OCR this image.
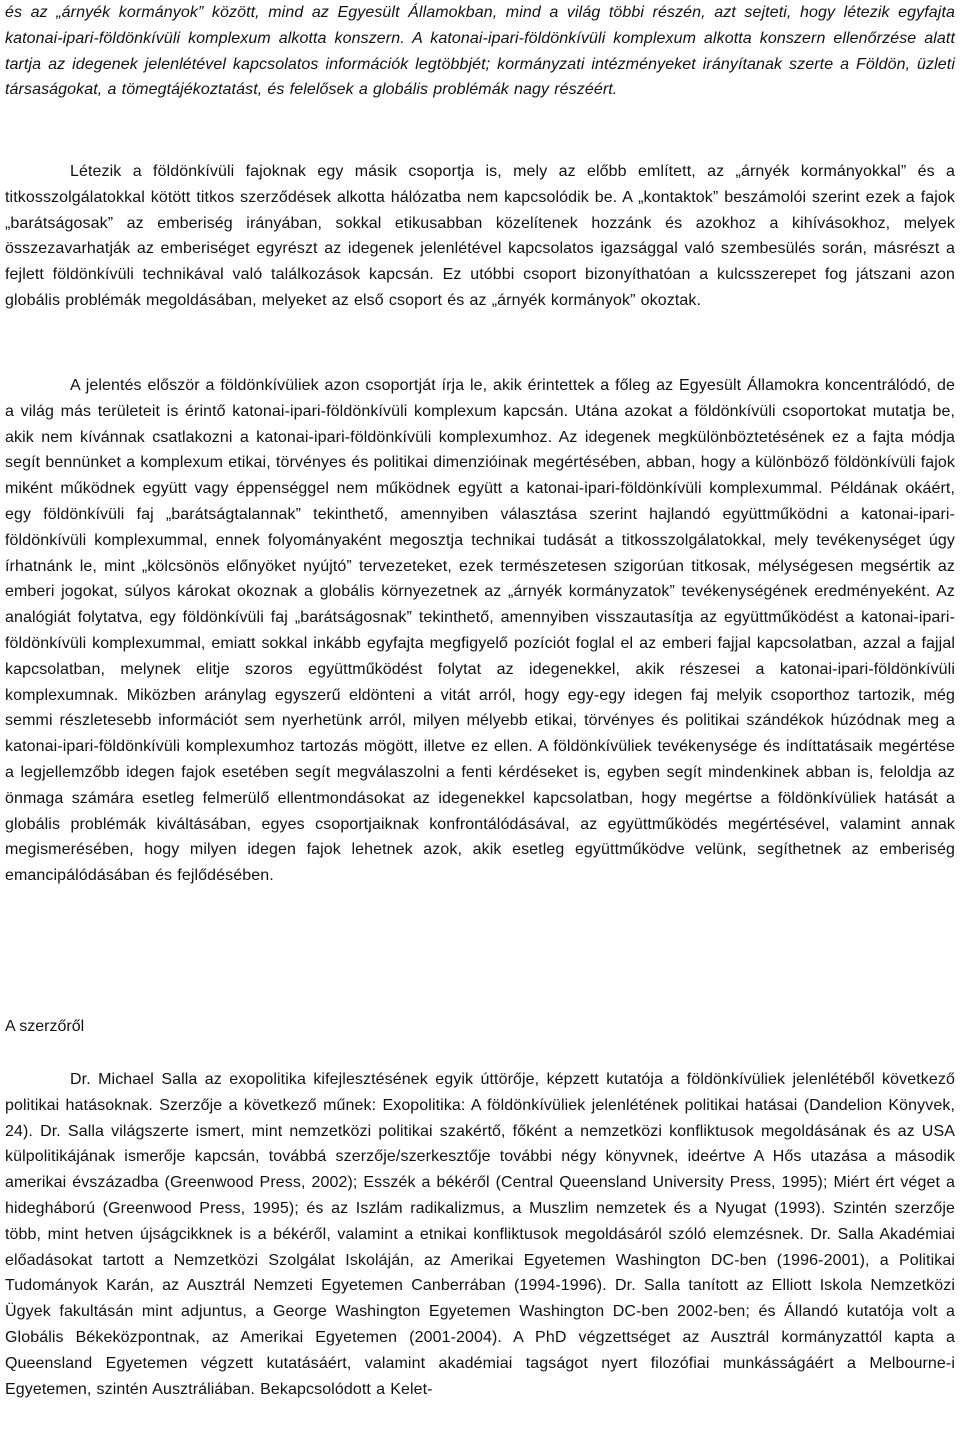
és az „árnyék kormányok” között, mind az Egyesült Államokban, mind a világ többi részén, azt sejteti, hogy létezik egyfajta katonai-ipari-földönkívüli komplexum alkotta konszern. A katonai-ipari-földönkívüli komplexum alkotta konszern ellenőrzése alatt tartja az idegenek jelenlétével kapcsolatos információk legtöbbjét; kormányzati intézményeket irányítanak szerte a Földön, üzleti társaságokat, a tömegtájékoztatást, és felelősek a globális problémák nagy részéért.

Létezik a földönkívüli fajoknak egy másik csoportja is, mely az előbb említett, az „árnyék kormányokkal” és a titkosszolgálatokkal kötött titkos szerződések alkotta hálózatba nem kapcsolódik be. A „kontaktok” beszámolói szerint ezek a fajok „barátságosak” az emberiség irányában, sokkal etikusabban közelítenek hozzánk és azokhoz a kihívásokhoz, melyek összezavarhatják az emberiséget egyrészt az idegenek jelenlétével kapcsolatos igazsággal való szembesülés során, másrészt a fejlett földönkívüli technikával való találkozások kapcsán. Ez utóbbi csoport bizonyíthatóan a kulcsszerepet fog játszani azon globális problémák megoldásában, melyeket az első csoport és az „árnyék kormányok” okoztak.

A jelentés először a földönkívüliek azon csoportját írja le, akik érintettek a főleg az Egyesült Államokra koncentrálódó, de a világ más területeit is érintő katonai-ipari-földönkívüli komplexum kapcsán. Utána azokat a földönkívüli csoportokat mutatja be, akik nem kívánnak csatlakozni a katonai-ipari-földönkívüli komplexumhoz. Az idegenek megkülönböztetésének ez a fajta módja segít bennünket a komplexum etikai, törvényes és politikai dimenzióinak megértésében, abban, hogy a különböző földönkívüli fajok miként működnek együtt vagy éppenséggel nem működnek együtt a katonai-ipari-földönkívüli komplexummal. Példának okáért, egy földönkívüli faj „barátságtalannak” tekinthető, amennyiben választása szerint hajlandó együttműködni a katonai-ipari-földönkívüli komplexummal, ennek folyományaként megosztja technikai tudását a titkosszolgálatokkal, mely tevékenységet úgy írhatnánk le, mint „kölcsönös előnyöket nyújtó” tervezeteket, ezek természetesen szigorúan titkosak, mélységesen megsértik az emberi jogokat, súlyos károkat okoznak a globális környezetnek az „árnyék kormányzatok” tevékenységének eredményeként. Az analógiát folytatva, egy földönkívüli faj „barátságosnak” tekinthető, amennyiben visszautasítja az együttműködést a katonai-ipari-földönkívüli komplexummal, emiatt sokkal inkább egyfajta megfigyelő pozíciót foglal el az emberi fajjal kapcsolatban, azzal a fajjal kapcsolatban, melynek elitje szoros együttműködést folytat az idegenekkel, akik részesei a katonai-ipari-földönkívüli komplexumnak. Miközben aránylag egyszerű eldönteni a vitát arról, hogy egy-egy idegen faj melyik csoporthoz tartozik, még semmi részletesebb információt sem nyerhetünk arról, milyen mélyebb etikai, törvényes és politikai szándékok húzódnak meg a katonai-ipari-földönkívüli komplexumhoz tartozás mögött, illetve ez ellen. A földönkívüliek tevékenysége és indíttatásaik megértése a legjellemzőbb idegen fajok esetében segít megválaszolni a fenti kérdéseket is, egyben segít mindenkinek abban is, feloldja az önmaga számára esetleg felmerülő ellentmondásokat az idegenekkel kapcsolatban, hogy megértse a földönkívüliek hatását a globális problémák kiváltásában, egyes csoportjaiknak konfrontálódásával, az együttműködés megértésével, valamint annak megismerésében, hogy milyen idegen fajok lehetnek azok, akik esetleg együttműködve velünk, segíthetnek az emberiség emancipálódásában és fejlődésében.

A szerzőről

Dr. Michael Salla az exopolitika kifejlesztésének egyik úttörője, képzett kutatója a földönkívüliek jelenlétéből következő politikai hatásoknak. Szerzője a következő műnek: Exopolitika: A földönkívüliek jelenlétének politikai hatásai (Dandelion Könyvek, 24). Dr. Salla világszerte ismert, mint nemzetközi politikai szakértő, főként a nemzetközi konfliktusok megoldásának és az USA külpolitikájának ismerője kapcsán, továbbá szerzője/szerkesztője további négy könyvnek, ideértve A Hős utazása a második amerikai évszázadba (Greenwood Press, 2002); Esszék a békéről (Central Queensland University Press, 1995); Miért ért véget a hidegháború (Greenwood Press, 1995); és az Iszlám radikalizmus, a Muszlim nemzetek és a Nyugat (1993). Szintén szerzője több, mint hetven újságcikknek is a békéről, valamint a etnikai konfliktusok megoldásáról szóló elemzésnek. Dr. Salla Akadémiai előadásokat tartott a Nemzetközi Szolgálat Iskoláján, az Amerikai Egyetemen Washington DC-ben (1996-2001), a Politikai Tudományok Karán, az Ausztrál Nemzeti Egyetemen Canberrában (1994-1996). Dr. Salla tanított az Elliott Iskola Nemzetközi Ügyek fakultásán mint adjuntus, a George Washington Egyetemen Washington DC-ben 2002-ben; és Állandó kutatója volt a Globális Békeközpontnak, az Amerikai Egyetemen (2001-2004). A PhD végzettséget az Ausztrál kormányzattól kapta a Queensland Egyetemen végzett kutatásáért, valamint akadémiai tagságot nyert filozófiai munkásságáért a Melbourne-i Egyetemen, szintén Ausztráliában. Bekapcsolódott a Kelet-
